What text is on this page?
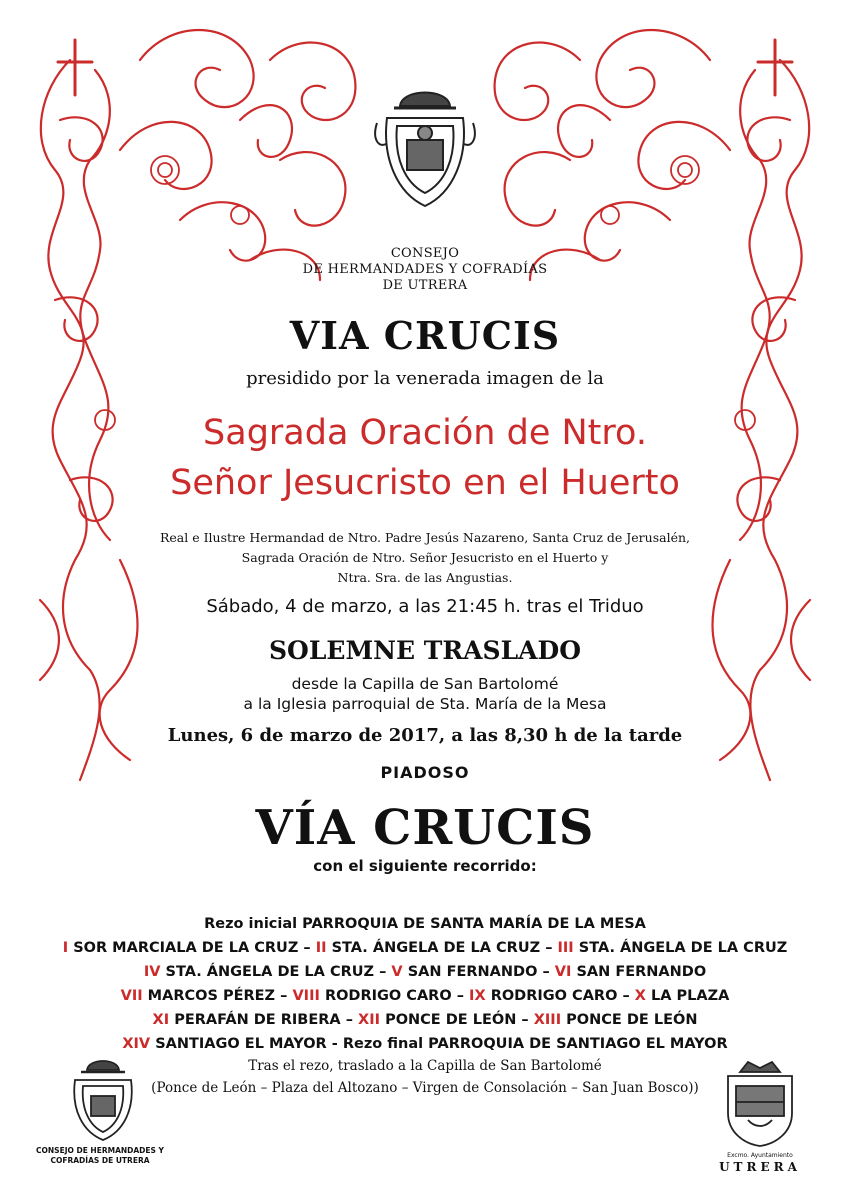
CONSEJO
DE HERMANDADES Y COFRADÍAS
DE UTRERA
VIA CRUCIS
presidido por la venerada imagen de la
Sagrada Oración de Ntro.
Señor Jesucristo en el Huerto
Real e Ilustre Hermandad de Ntro. Padre Jesús Nazareno, Santa Cruz de Jerusalén,
Sagrada Oración de Ntro. Señor Jesucristo en el Huerto y
Ntra. Sra. de las Angustias.
Sábado, 4 de marzo, a las 21:45 h. tras el Triduo
SOLEMNE TRASLADO
desde la Capilla de San Bartolomé
a la Iglesia parroquial de Sta. María de la Mesa
Lunes, 6 de marzo de 2017, a las 8,30 h de la tarde
PIADOSO
VÍA CRUCIS
con el siguiente recorrido:
Rezo inicial PARROQUIA DE SANTA MARÍA DE LA MESA
I SOR MARCIALA DE LA CRUZ – II STA. ÁNGELA DE LA CRUZ – III STA. ÁNGELA DE LA CRUZ
IV STA. ÁNGELA DE LA CRUZ – V SAN FERNANDO – VI SAN FERNANDO
VII MARCOS PÉREZ – VIII RODRIGO CARO – IX RODRIGO CARO – X LA PLAZA
XI PERAFÁN DE RIBERA – XII PONCE DE LEÓN – XIII PONCE DE LEÓN
XIV SANTIAGO EL MAYOR - Rezo final PARROQUIA DE SANTIAGO EL MAYOR
Tras el rezo, traslado a la Capilla de San Bartolomé
(Ponce de León – Plaza del Altozano – Virgen de Consolación – San Juan Bosco))
CONSEJO DE HERMANDADES Y
COFRADÍAS DE UTRERA
Excmo. Ayuntamiento
UTRERA
